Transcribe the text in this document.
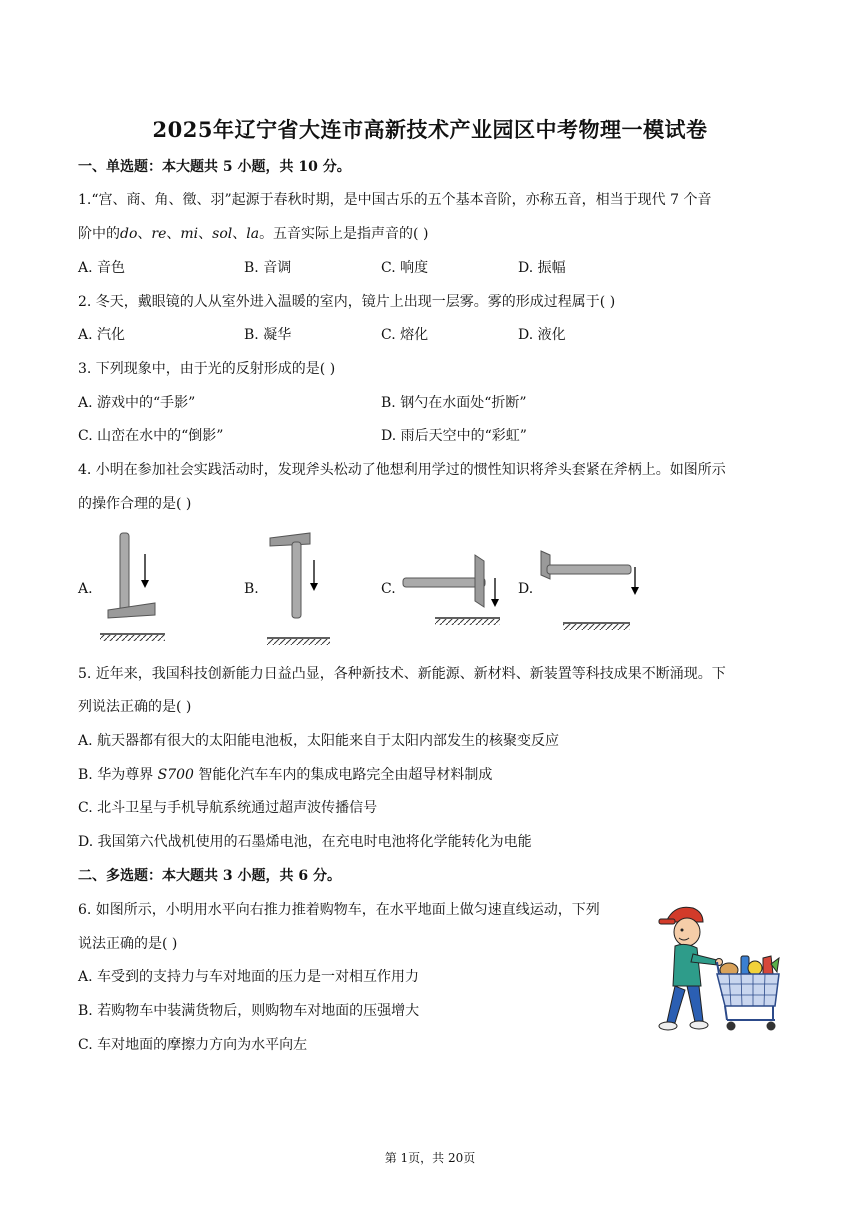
2025年辽宁省大连市高新技术产业园区中考物理一模试卷
一、单选题：本大题共 5 小题，共 10 分。
1.“宫、商、角、徵、羽”起源于春秋时期，是中国古乐的五个基本音阶，亦称五音，相当于现代 7 个音
阶中的do、re、mi、sol、la。五音实际上是指声音的( )
A. 音色	B. 音调	C. 响度	D. 振幅
2. 冬天，戴眼镜的人从室外进入温暖的室内，镜片上出现一层雾。雾的形成过程属于( )
A. 汽化	B. 凝华	C. 熔化	D. 液化
3. 下列现象中，由于光的反射形成的是( )
A. 游戏中的“手影”	B. 钢勺在水面处“折断”
C. 山峦在水中的“倒影”	D. 雨后天空中的“彩虹”
4. 小明在参加社会实践活动时，发现斧头松动了他想利用学过的惯性知识将斧头套紧在斧柄上。如图所示
的操作合理的是( )
A.	B.	C.	D.
5. 近年来，我国科技创新能力日益凸显，各种新技术、新能源、新材料、新装置等科技成果不断涌现。下
列说法正确的是( )
A. 航天器都有很大的太阳能电池板，太阳能来自于太阳内部发生的核聚变反应
B. 华为尊界 S700 智能化汽车车内的集成电路完全由超导材料制成
C. 北斗卫星与手机导航系统通过超声波传播信号
D. 我国第六代战机使用的石墨烯电池，在充电时电池将化学能转化为电能
二、多选题：本大题共 3 小题，共 6 分。
6. 如图所示，小明用水平向右推力推着购物车，在水平地面上做匀速直线运动，下列
说法正确的是( )
A. 车受到的支持力与车对地面的压力是一对相互作用力
B. 若购物车中装满货物后，则购物车对地面的压强增大
C. 车对地面的摩擦力方向为水平向左
第 1页，共 20页
